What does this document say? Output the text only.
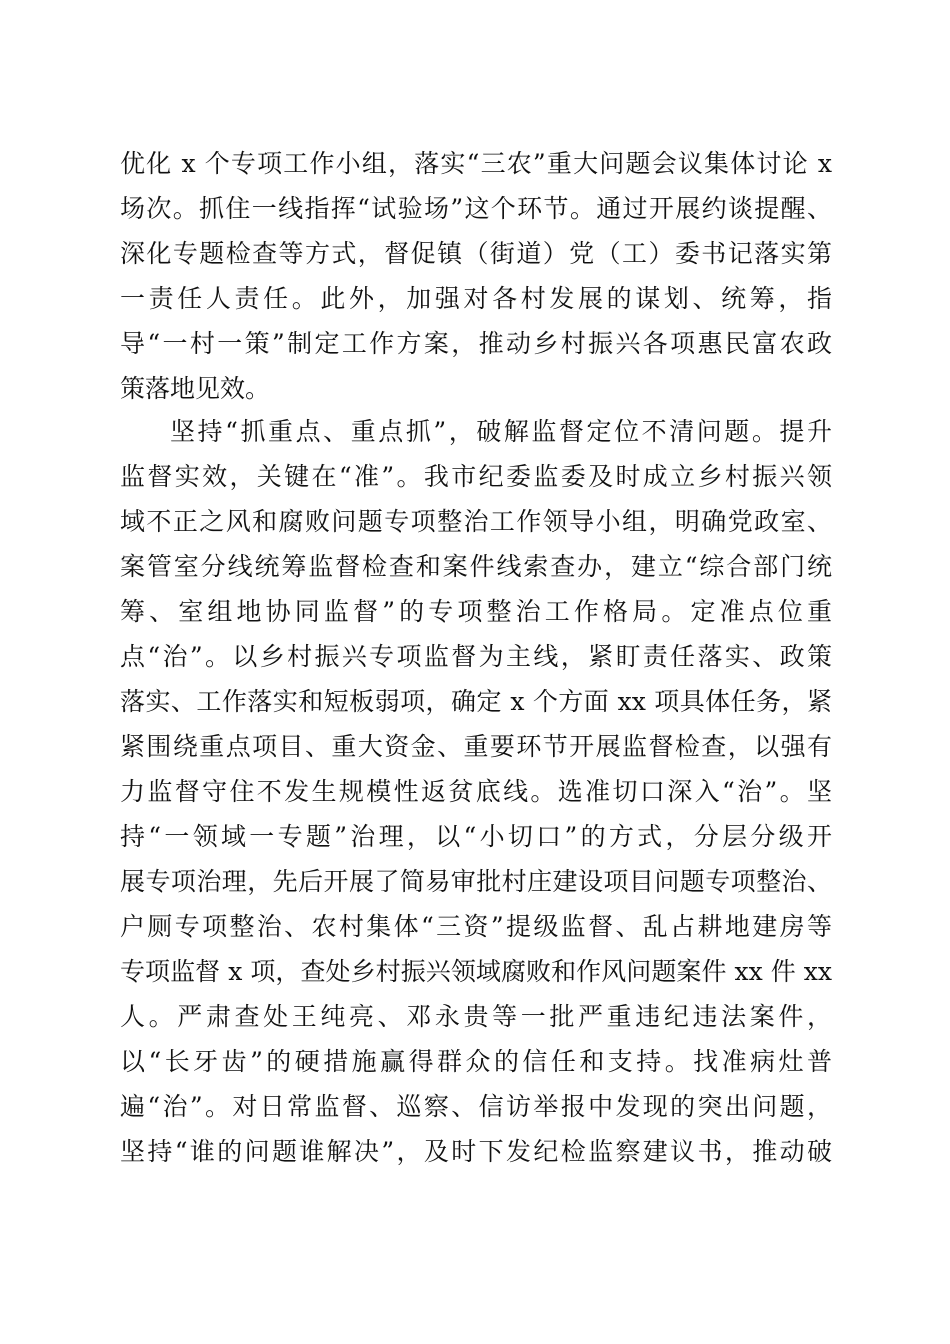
优化 x 个专项工作小组，落实“三农”重大问题会议集体讨论 x
场次。抓住一线指挥“试验场”这个环节。通过开展约谈提醒、
深化专题检查等方式，督促镇（街道）党（工）委书记落实第
一责任人责任。此外，加强对各村发展的谋划、统筹，指
导“一村一策”制定工作方案，推动乡村振兴各项惠民富农政
策落地见效。
坚持“抓重点、重点抓”，破解监督定位不清问题。提升
监督实效，关键在“准”。我市纪委监委及时成立乡村振兴领
域不正之风和腐败问题专项整治工作领导小组，明确党政室、
案管室分线统筹监督检查和案件线索查办，建立“综合部门统
筹、室组地协同监督”的专项整治工作格局。定准点位重
点“治”。以乡村振兴专项监督为主线，紧盯责任落实、政策
落实、工作落实和短板弱项，确定 x 个方面 xx 项具体任务，紧
紧围绕重点项目、重大资金、重要环节开展监督检查，以强有
力监督守住不发生规模性返贫底线。选准切口深入“治”。坚
持“一领域一专题”治理，以“小切口”的方式，分层分级开
展专项治理，先后开展了简易审批村庄建设项目问题专项整治、
户厕专项整治、农村集体“三资”提级监督、乱占耕地建房等
专项监督 x 项，查处乡村振兴领域腐败和作风问题案件 xx 件 xx
人。严肃查处王纯亮、邓永贵等一批严重违纪违法案件，
以“长牙齿”的硬措施赢得群众的信任和支持。找准病灶普
遍“治”。对日常监督、巡察、信访举报中发现的突出问题，
坚持“谁的问题谁解决”，及时下发纪检监察建议书，推动破
